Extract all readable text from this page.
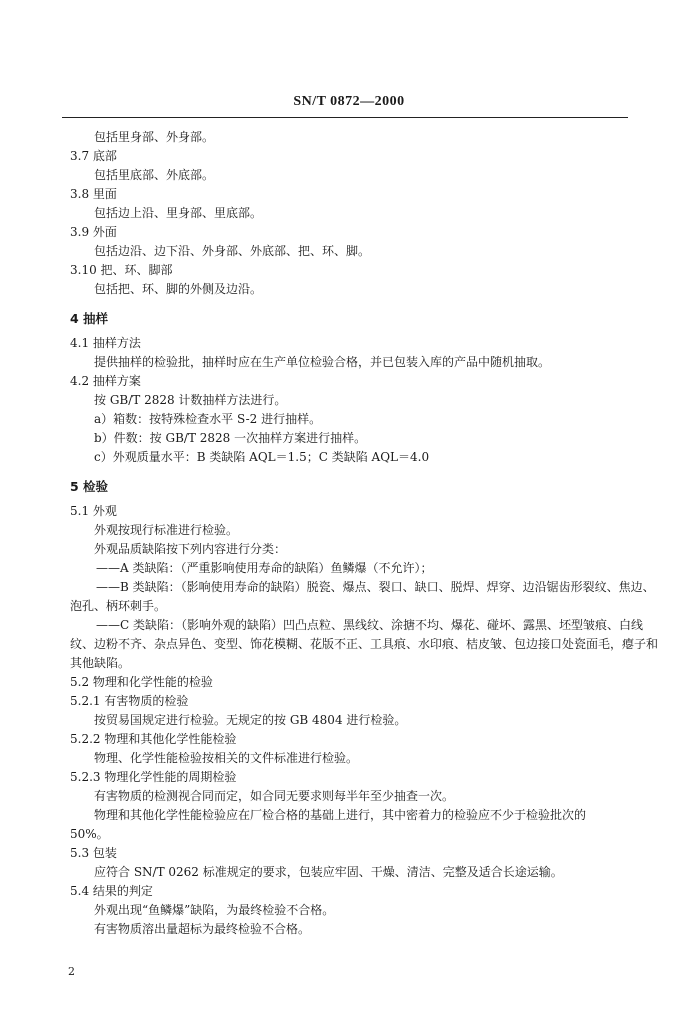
SN/T 0872—2000
包括里身部、外身部。
3.7 底部
包括里底部、外底部。
3.8 里面
包括边上沿、里身部、里底部。
3.9 外面
包括边沿、边下沿、外身部、外底部、把、环、脚。
3.10 把、环、脚部
包括把、环、脚的外侧及边沿。
4 抽样
4.1 抽样方法
提供抽样的检验批，抽样时应在生产单位检验合格，并已包装入库的产品中随机抽取。
4.2 抽样方案
按 GB/T 2828 计数抽样方法进行。
a）箱数：按特殊检查水平 S-2 进行抽样。
b）件数：按 GB/T 2828 一次抽样方案进行抽样。
c）外观质量水平：B 类缺陷 AQL＝1.5；C 类缺陷 AQL＝4.0
5 检验
5.1 外观
外观按现行标准进行检验。
外观品质缺陷按下列内容进行分类：
——A 类缺陷：（严重影响使用寿命的缺陷）鱼鳞爆（不允许）；
——B 类缺陷：（影响使用寿命的缺陷）脱瓷、爆点、裂口、缺口、脱焊、焊穿、边沿锯齿形裂纹、焦边、
泡孔、柄环刺手。
——C 类缺陷：（影响外观的缺陷）凹凸点粒、黑线纹、涂搪不均、爆花、碰坏、露黑、坯型皱痕、白线
纹、边粉不齐、杂点异色、变型、饰花模糊、花版不正、工具痕、水印痕、桔皮皱、包边接口处瓷面毛，瘪子和
其他缺陷。
5.2 物理和化学性能的检验
5.2.1 有害物质的检验
按贸易国规定进行检验。无规定的按 GB 4804 进行检验。
5.2.2 物理和其他化学性能检验
物理、化学性能检验按相关的文件标准进行检验。
5.2.3 物理化学性能的周期检验
有害物质的检测视合同而定，如合同无要求则每半年至少抽查一次。
物理和其他化学性能检验应在厂检合格的基础上进行，其中密着力的检验应不少于检验批次的
50%。
5.3 包装
应符合 SN/T 0262 标准规定的要求，包装应牢固、干燥、清洁、完整及适合长途运输。
5.4 结果的判定
外观出现“鱼鳞爆”缺陷，为最终检验不合格。
有害物质溶出量超标为最终检验不合格。
2
